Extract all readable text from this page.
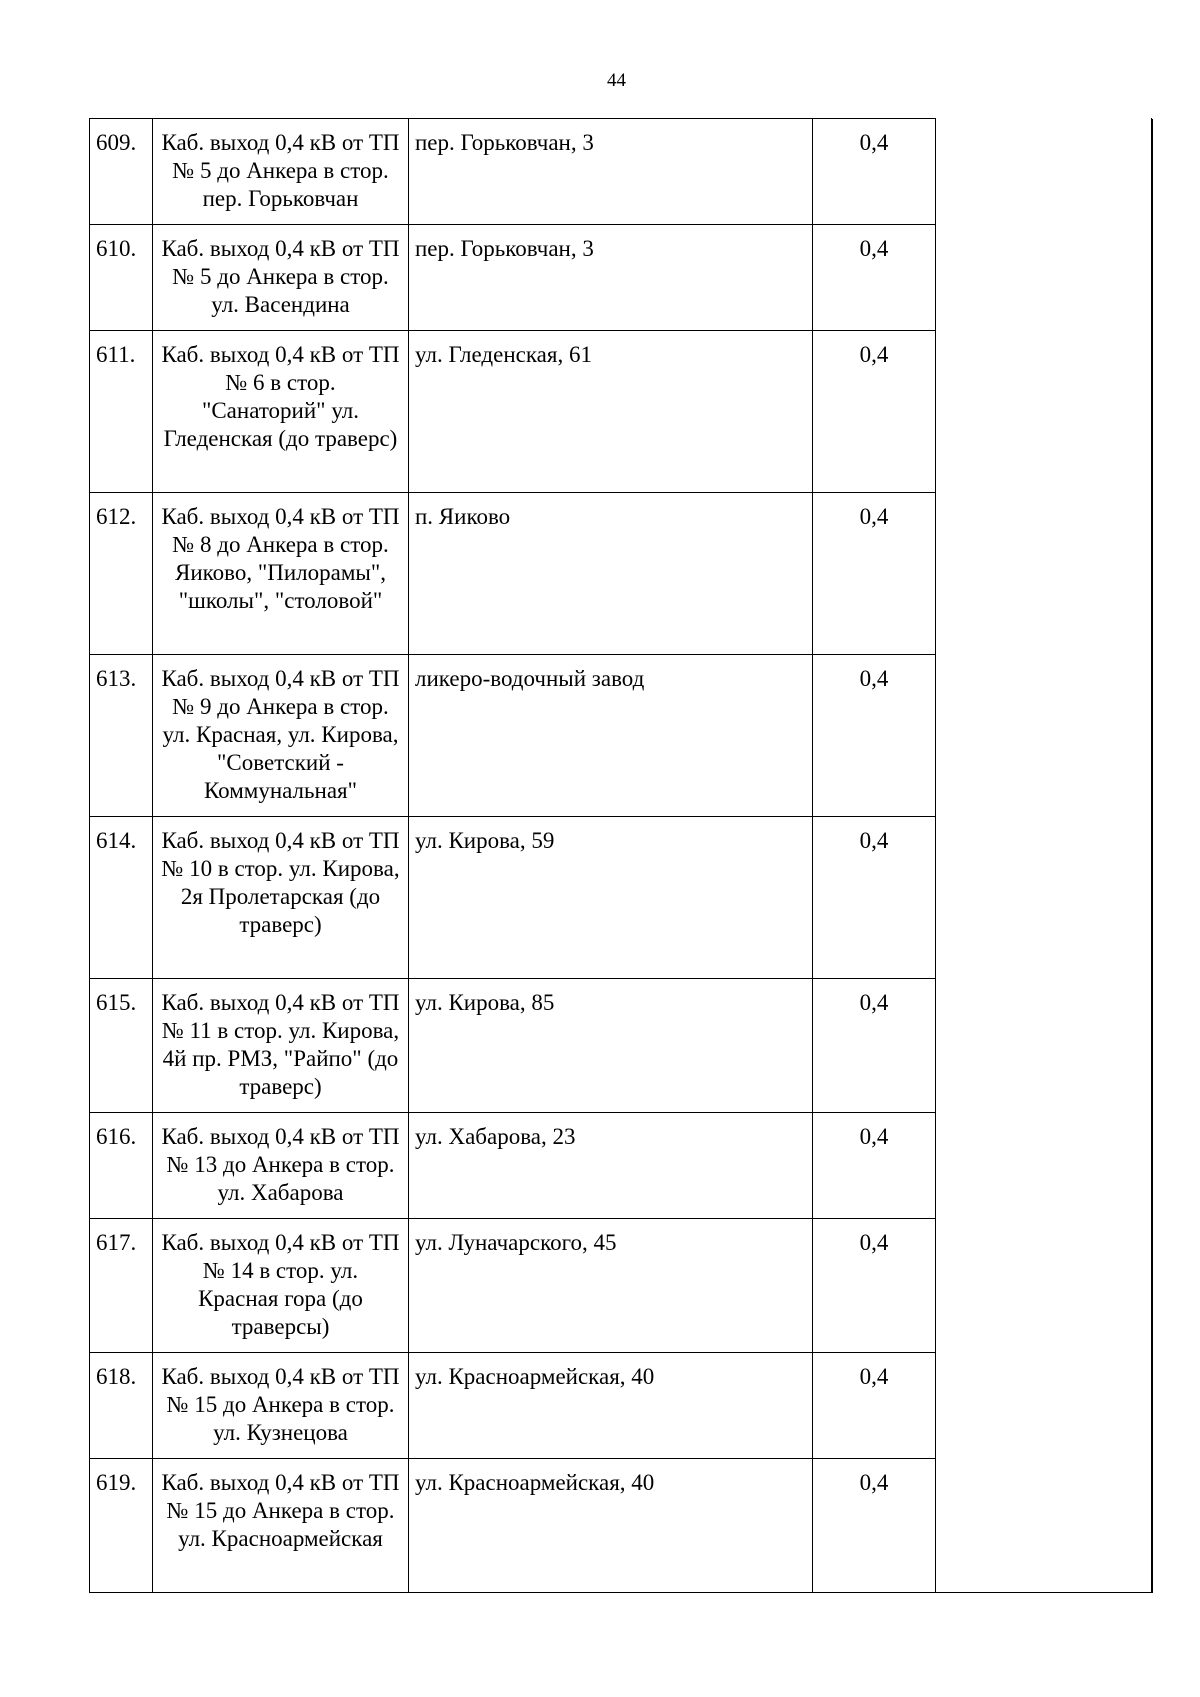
44
609.	Каб. выход 0,4 кВ от ТП № 5 до Анкера в стор. пер. Горьковчан	пер. Горьковчан, 3	0,4	
610.	Каб. выход 0,4 кВ от ТП № 5 до Анкера в стор. ул. Васендина	пер. Горьковчан, 3	0,4	
611.	Каб. выход 0,4 кВ от ТП № 6 в стор. "Санаторий" ул. Гледенская (до траверс)	ул. Гледенская, 61	0,4	
612.	Каб. выход 0,4 кВ от ТП № 8 до Анкера в стор. Яиково, "Пилорамы", "школы", "столовой"	п. Яиково	0,4	
613.	Каб. выход 0,4 кВ от ТП № 9 до Анкера в стор. ул. Красная, ул. Кирова, "Советский - Коммунальная"	ликеро-водочный завод	0,4	
614.	Каб. выход 0,4 кВ от ТП № 10 в стор. ул. Кирова, 2я Пролетарская (до траверс)	ул. Кирова, 59	0,4	
615.	Каб. выход 0,4 кВ от ТП № 11 в стор. ул. Кирова, 4й пр. РМЗ, "Райпо" (до траверс)	ул. Кирова, 85	0,4	
616.	Каб. выход 0,4 кВ от ТП № 13 до Анкера в стор. ул. Хабарова	ул. Хабарова, 23	0,4	
617.	Каб. выход 0,4 кВ от ТП № 14 в стор. ул. Красная гора (до траверсы)	ул. Луначарского, 45	0,4	
618.	Каб. выход 0,4 кВ от ТП № 15 до Анкера в стор. ул. Кузнецова	ул. Красноармейская, 40	0,4	
619.	Каб. выход 0,4 кВ от ТП № 15 до Анкера в стор. ул. Красноармейская	ул. Красноармейская, 40	0,4	
